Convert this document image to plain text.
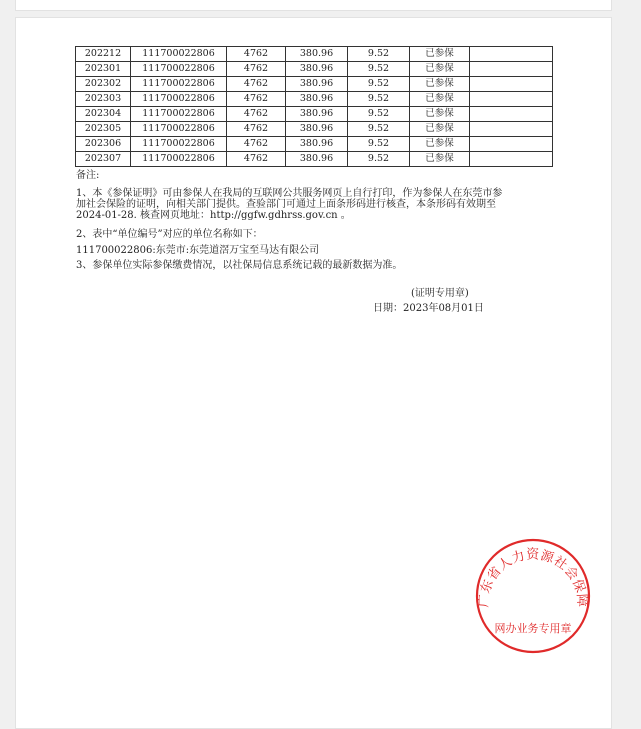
202212	111700022806	4762	380.96	9.52	已参保	
202301	111700022806	4762	380.96	9.52	已参保	
202302	111700022806	4762	380.96	9.52	已参保	
202303	111700022806	4762	380.96	9.52	已参保	
202304	111700022806	4762	380.96	9.52	已参保	
202305	111700022806	4762	380.96	9.52	已参保	
202306	111700022806	4762	380.96	9.52	已参保	
202307	111700022806	4762	380.96	9.52	已参保	
备注:
1、本《参保证明》可由参保人在我局的互联网公共服务网页上自行打印，作为参保人在东莞市参
加社会保险的证明，向相关部门提供。查验部门可通过上面条形码进行核查，本条形码有效期至
2024-01-28. 核查网页地址：http://ggfw.gdhrss.gov.cn 。
2、表中“单位编号”对应的单位名称如下：
111700022806:东莞市:东莞道滘万宝至马达有限公司
3、参保单位实际参保缴费情况，以社保局信息系统记载的最新数据为准。
(证明专用章)
日期：2023年08月01日
广东省人力资源社会保障
网办业务专用章
